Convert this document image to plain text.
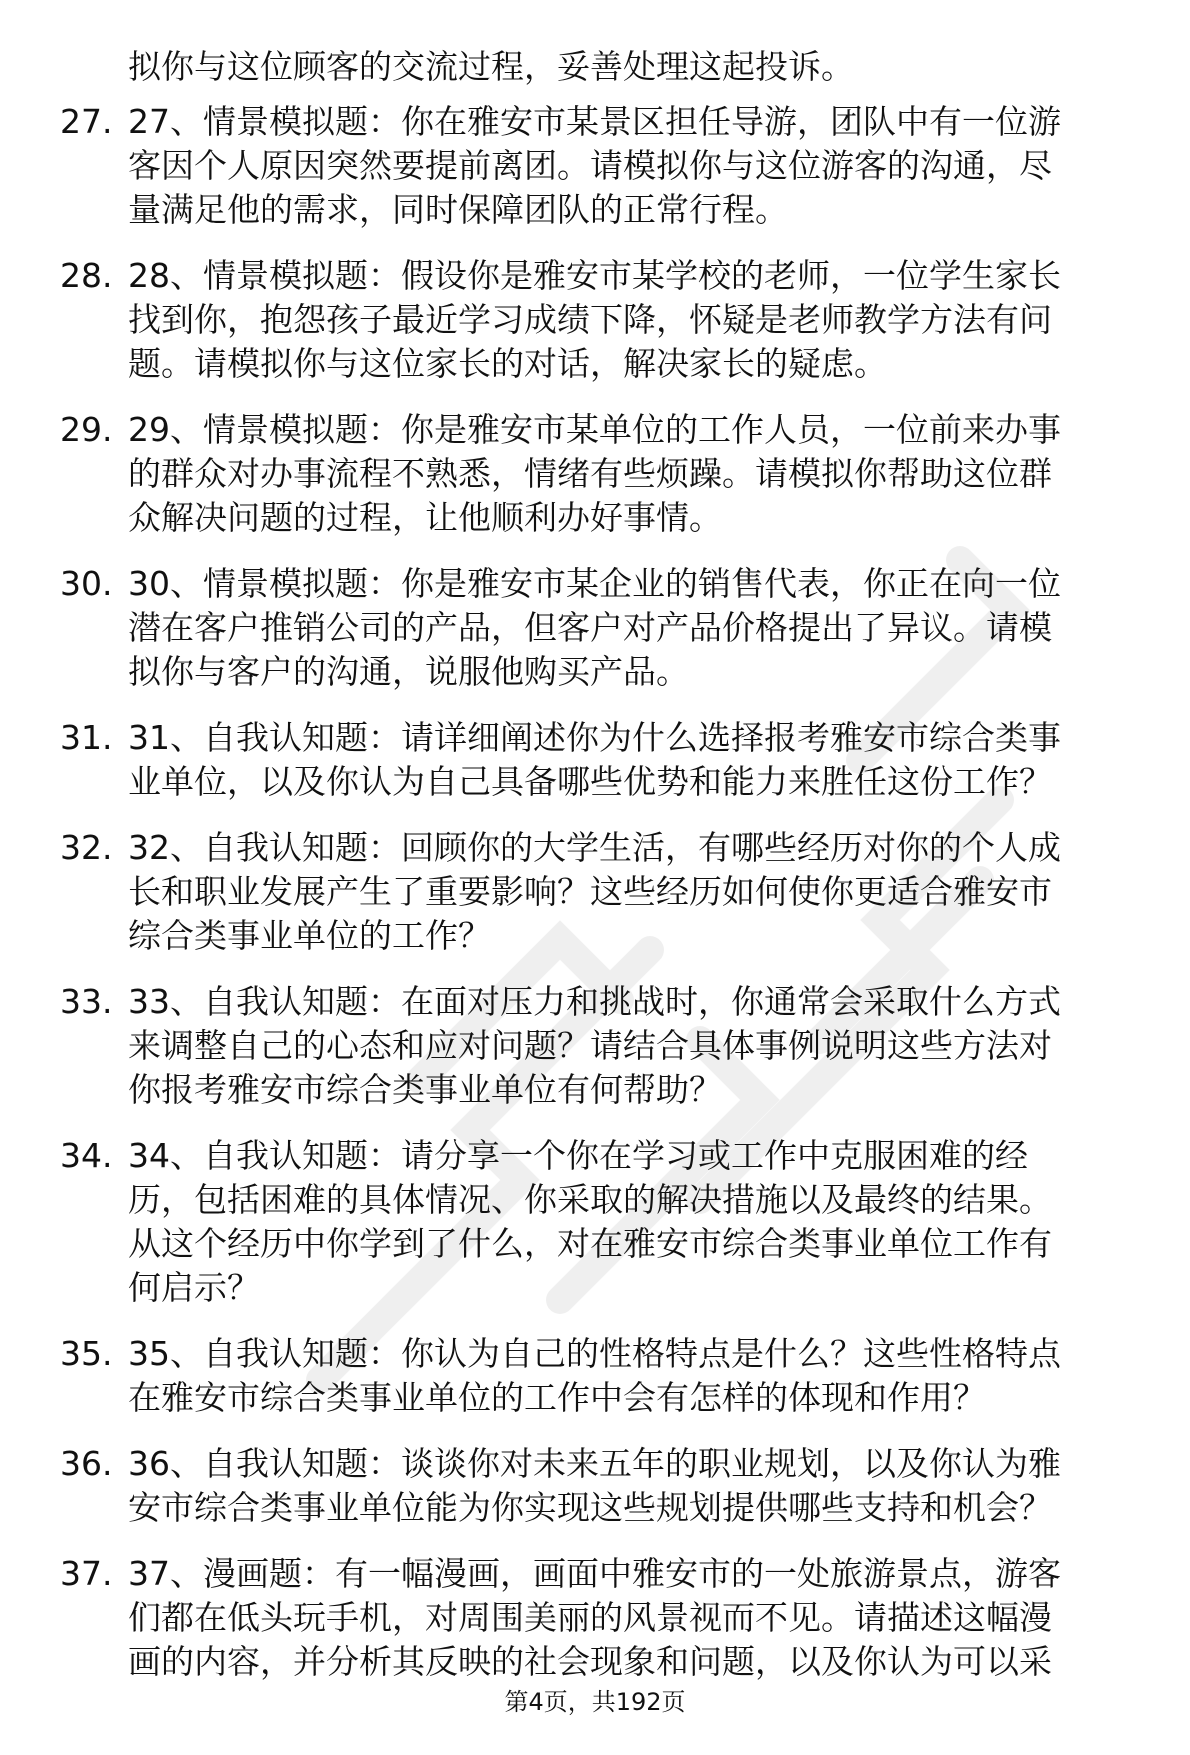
拟你与这位顾客的交流过程，妥善处理这起投诉。
27. 27、情景模拟题：你在雅安市某景区担任导游，团队中有一位游
客因个人原因突然要提前离团。请模拟你与这位游客的沟通，尽
量满足他的需求，同时保障团队的正常行程。
28. 28、情景模拟题：假设你是雅安市某学校的老师，一位学生家长
找到你，抱怨孩子最近学习成绩下降，怀疑是老师教学方法有问
题。请模拟你与这位家长的对话，解决家长的疑虑。
29. 29、情景模拟题：你是雅安市某单位的工作人员，一位前来办事
的群众对办事流程不熟悉，情绪有些烦躁。请模拟你帮助这位群
众解决问题的过程，让他顺利办好事情。
30. 30、情景模拟题：你是雅安市某企业的销售代表，你正在向一位
潜在客户推销公司的产品，但客户对产品价格提出了异议。请模
拟你与客户的沟通，说服他购买产品。
31. 31、自我认知题：请详细阐述你为什么选择报考雅安市综合类事
业单位，以及你认为自己具备哪些优势和能力来胜任这份工作？
32. 32、自我认知题：回顾你的大学生活，有哪些经历对你的个人成
长和职业发展产生了重要影响？这些经历如何使你更适合雅安市
综合类事业单位的工作？
33. 33、自我认知题：在面对压力和挑战时，你通常会采取什么方式
来调整自己的心态和应对问题？请结合具体事例说明这些方法对
你报考雅安市综合类事业单位有何帮助？
34. 34、自我认知题：请分享一个你在学习或工作中克服困难的经
历，包括困难的具体情况、你采取的解决措施以及最终的结果。
从这个经历中你学到了什么，对在雅安市综合类事业单位工作有
何启示？
35. 35、自我认知题：你认为自己的性格特点是什么？这些性格特点
在雅安市综合类事业单位的工作中会有怎样的体现和作用？
36. 36、自我认知题：谈谈你对未来五年的职业规划，以及你认为雅
安市综合类事业单位能为你实现这些规划提供哪些支持和机会？
37. 37、漫画题：有一幅漫画，画面中雅安市的一处旅游景点，游客
们都在低头玩手机，对周围美丽的风景视而不见。请描述这幅漫
画的内容，并分析其反映的社会现象和问题，以及你认为可以采
第4页，共192页
